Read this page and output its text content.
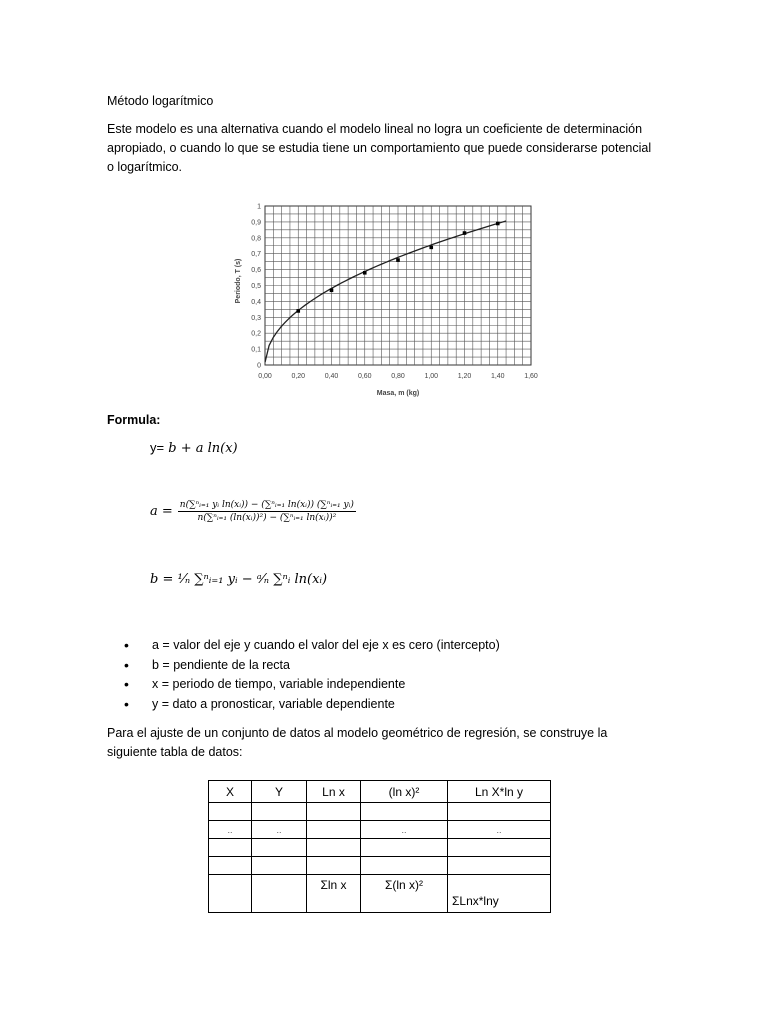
Método logarítmico
Este modelo es una alternativa cuando el modelo lineal no logra un coeficiente de determinación
apropiado, o cuando lo que se estudia tiene un comportamiento que puede considerarse potencial
o logarítmico.
0
0,1
0,2
0,3
0,4
0,5
0,6
0,7
0,8
0,9
1
0,00	0,20	0,40	0,60	0,80	1,00	1,20	1,40	1,60
Masa, m (kg)
Periodo, T (s)
Formula:
y= b + a ln(x)
$a = \frac{\text{n(∑ⁿᵢ₌₁ yᵢ ln(xᵢ)) − (∑ⁿᵢ₌₁ ln(xᵢ)) (∑ⁿᵢ₌₁ yᵢ)}}{\text{n(∑ⁿᵢ₌₁ (ln(xᵢ))²) − (∑ⁿᵢ₌₁ ln(xᵢ))²}}$
b = ¹⁄ₙ ∑ⁿᵢ₌₁ yᵢ − ᵃ⁄ₙ ∑ⁿᵢ ln(xᵢ)
• a = valor del eje y cuando el valor del eje x es cero (intercepto)
• b = pendiente de la recta
• x = periodo de tiempo, variable independiente
• y = dato a pronosticar, variable dependiente
Para el ajuste de un conjunto de datos al modelo geométrico de regresión, se construye la
siguiente tabla de datos:
X	Y	Ln x	(ln x)²	Ln X*ln y

..	..		..	..

		Σln x	Σ(ln x)²	ΣLnx*lny
